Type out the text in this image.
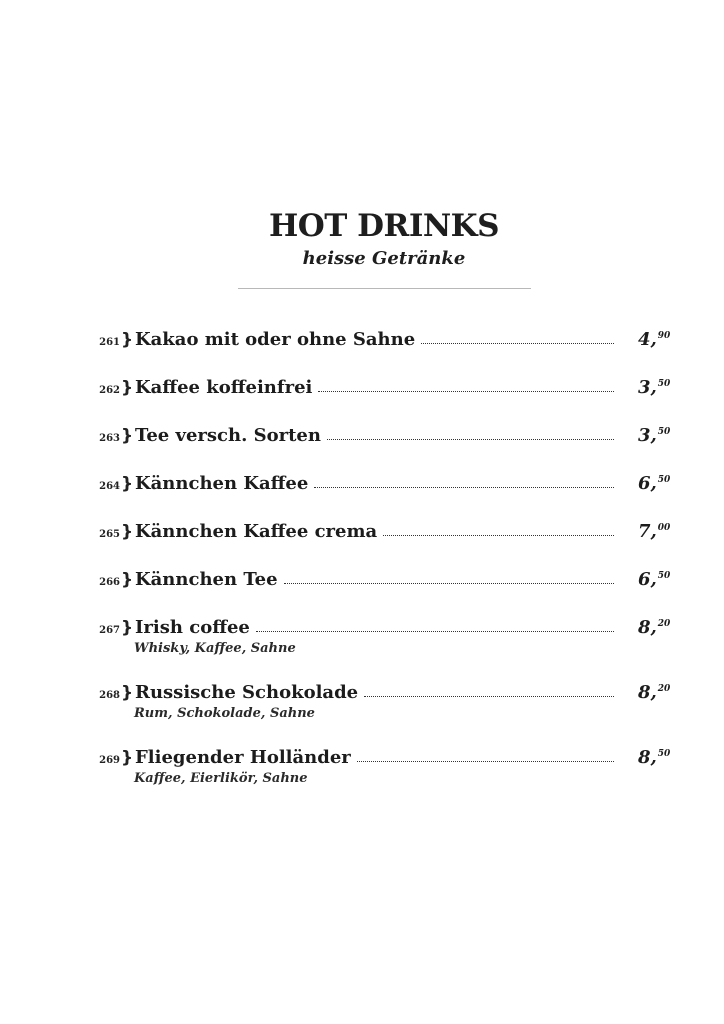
HOT DRINKS
heisse Getränke
261 } Kakao mit oder ohne Sahne	4,90
262 } Kaffee koffeinfrei	3,50
263 } Tee versch. Sorten	3,50
264 } Kännchen Kaffee	6,50
265 } Kännchen Kaffee crema	7,00
266 } Kännchen Tee	6,50
267 } Irish coffee	8,20
Whisky, Kaffee, Sahne
268 } Russische Schokolade	8,20
Rum, Schokolade, Sahne
269 } Fliegender Holländer	8,50
Kaffee, Eierlikör, Sahne
